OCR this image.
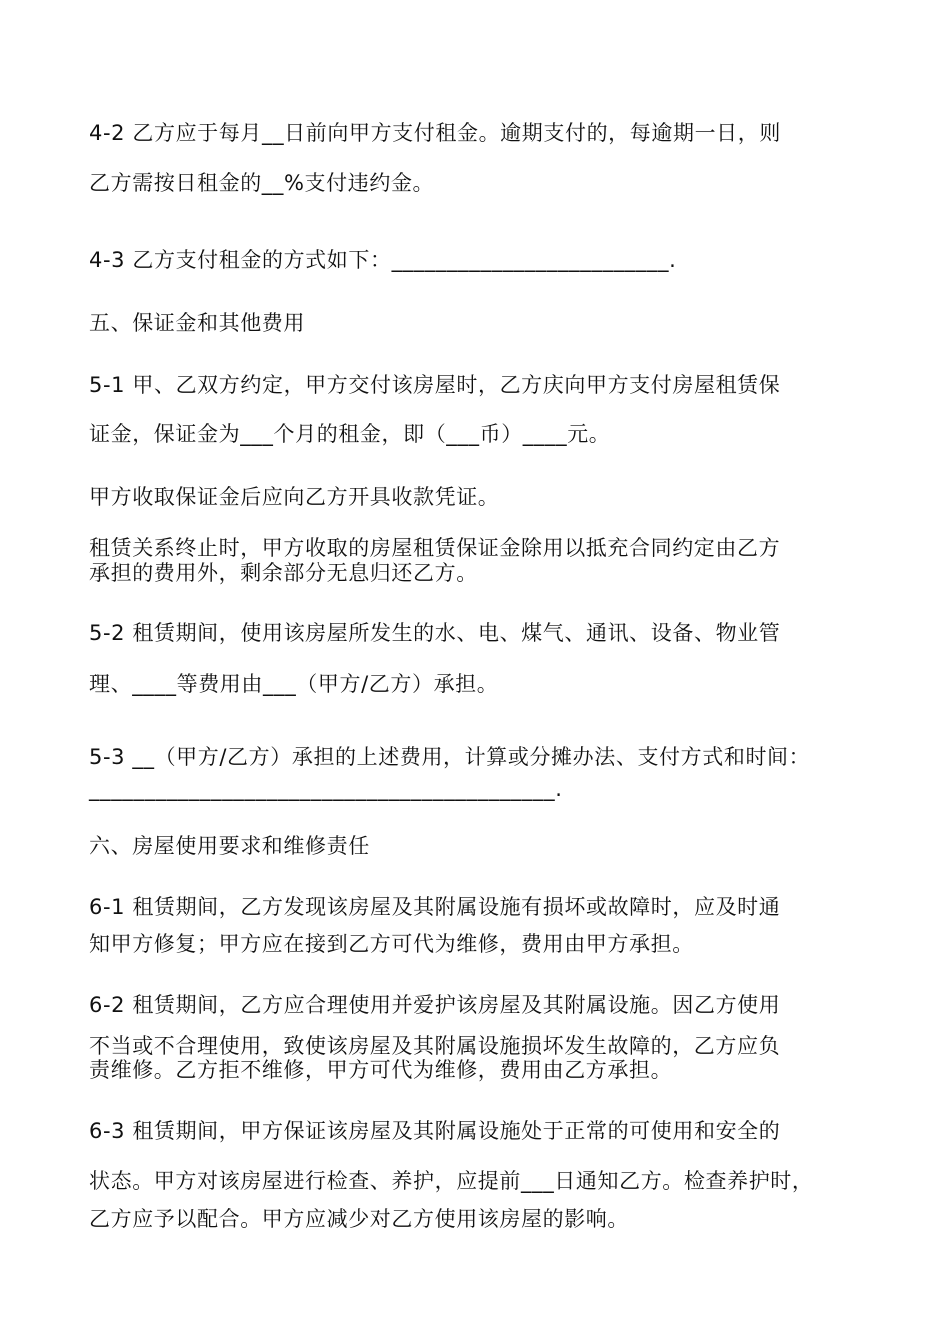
4-2 乙方应于每月__日前向甲方支付租金。逾期支付的，每逾期一日，则
乙方需按日租金的__%支付违约金。
4-3 乙方支付租金的方式如下：_________________________.
五、保证金和其他费用
5-1 甲、乙双方约定，甲方交付该房屋时，乙方庆向甲方支付房屋租赁保
证金，保证金为___个月的租金，即（___币）____元。
甲方收取保证金后应向乙方开具收款凭证。
租赁关系终止时，甲方收取的房屋租赁保证金除用以抵充合同约定由乙方
承担的费用外，剩余部分无息归还乙方。
5-2 租赁期间，使用该房屋所发生的水、电、煤气、通讯、设备、物业管
理、____等费用由___（甲方/乙方）承担。
5-3 __（甲方/乙方）承担的上述费用，计算或分摊办法、支付方式和时间：
__________________________________________.
六、房屋使用要求和维修责任
6-1 租赁期间，乙方发现该房屋及其附属设施有损坏或故障时，应及时通
知甲方修复；甲方应在接到乙方可代为维修，费用由甲方承担。
6-2 租赁期间，乙方应合理使用并爱护该房屋及其附属设施。因乙方使用
不当或不合理使用，致使该房屋及其附属设施损坏发生故障的，乙方应负
责维修。乙方拒不维修，甲方可代为维修，费用由乙方承担。
6-3 租赁期间，甲方保证该房屋及其附属设施处于正常的可使用和安全的
状态。甲方对该房屋进行检查、养护，应提前___日通知乙方。检查养护时，
乙方应予以配合。甲方应减少对乙方使用该房屋的影响。
